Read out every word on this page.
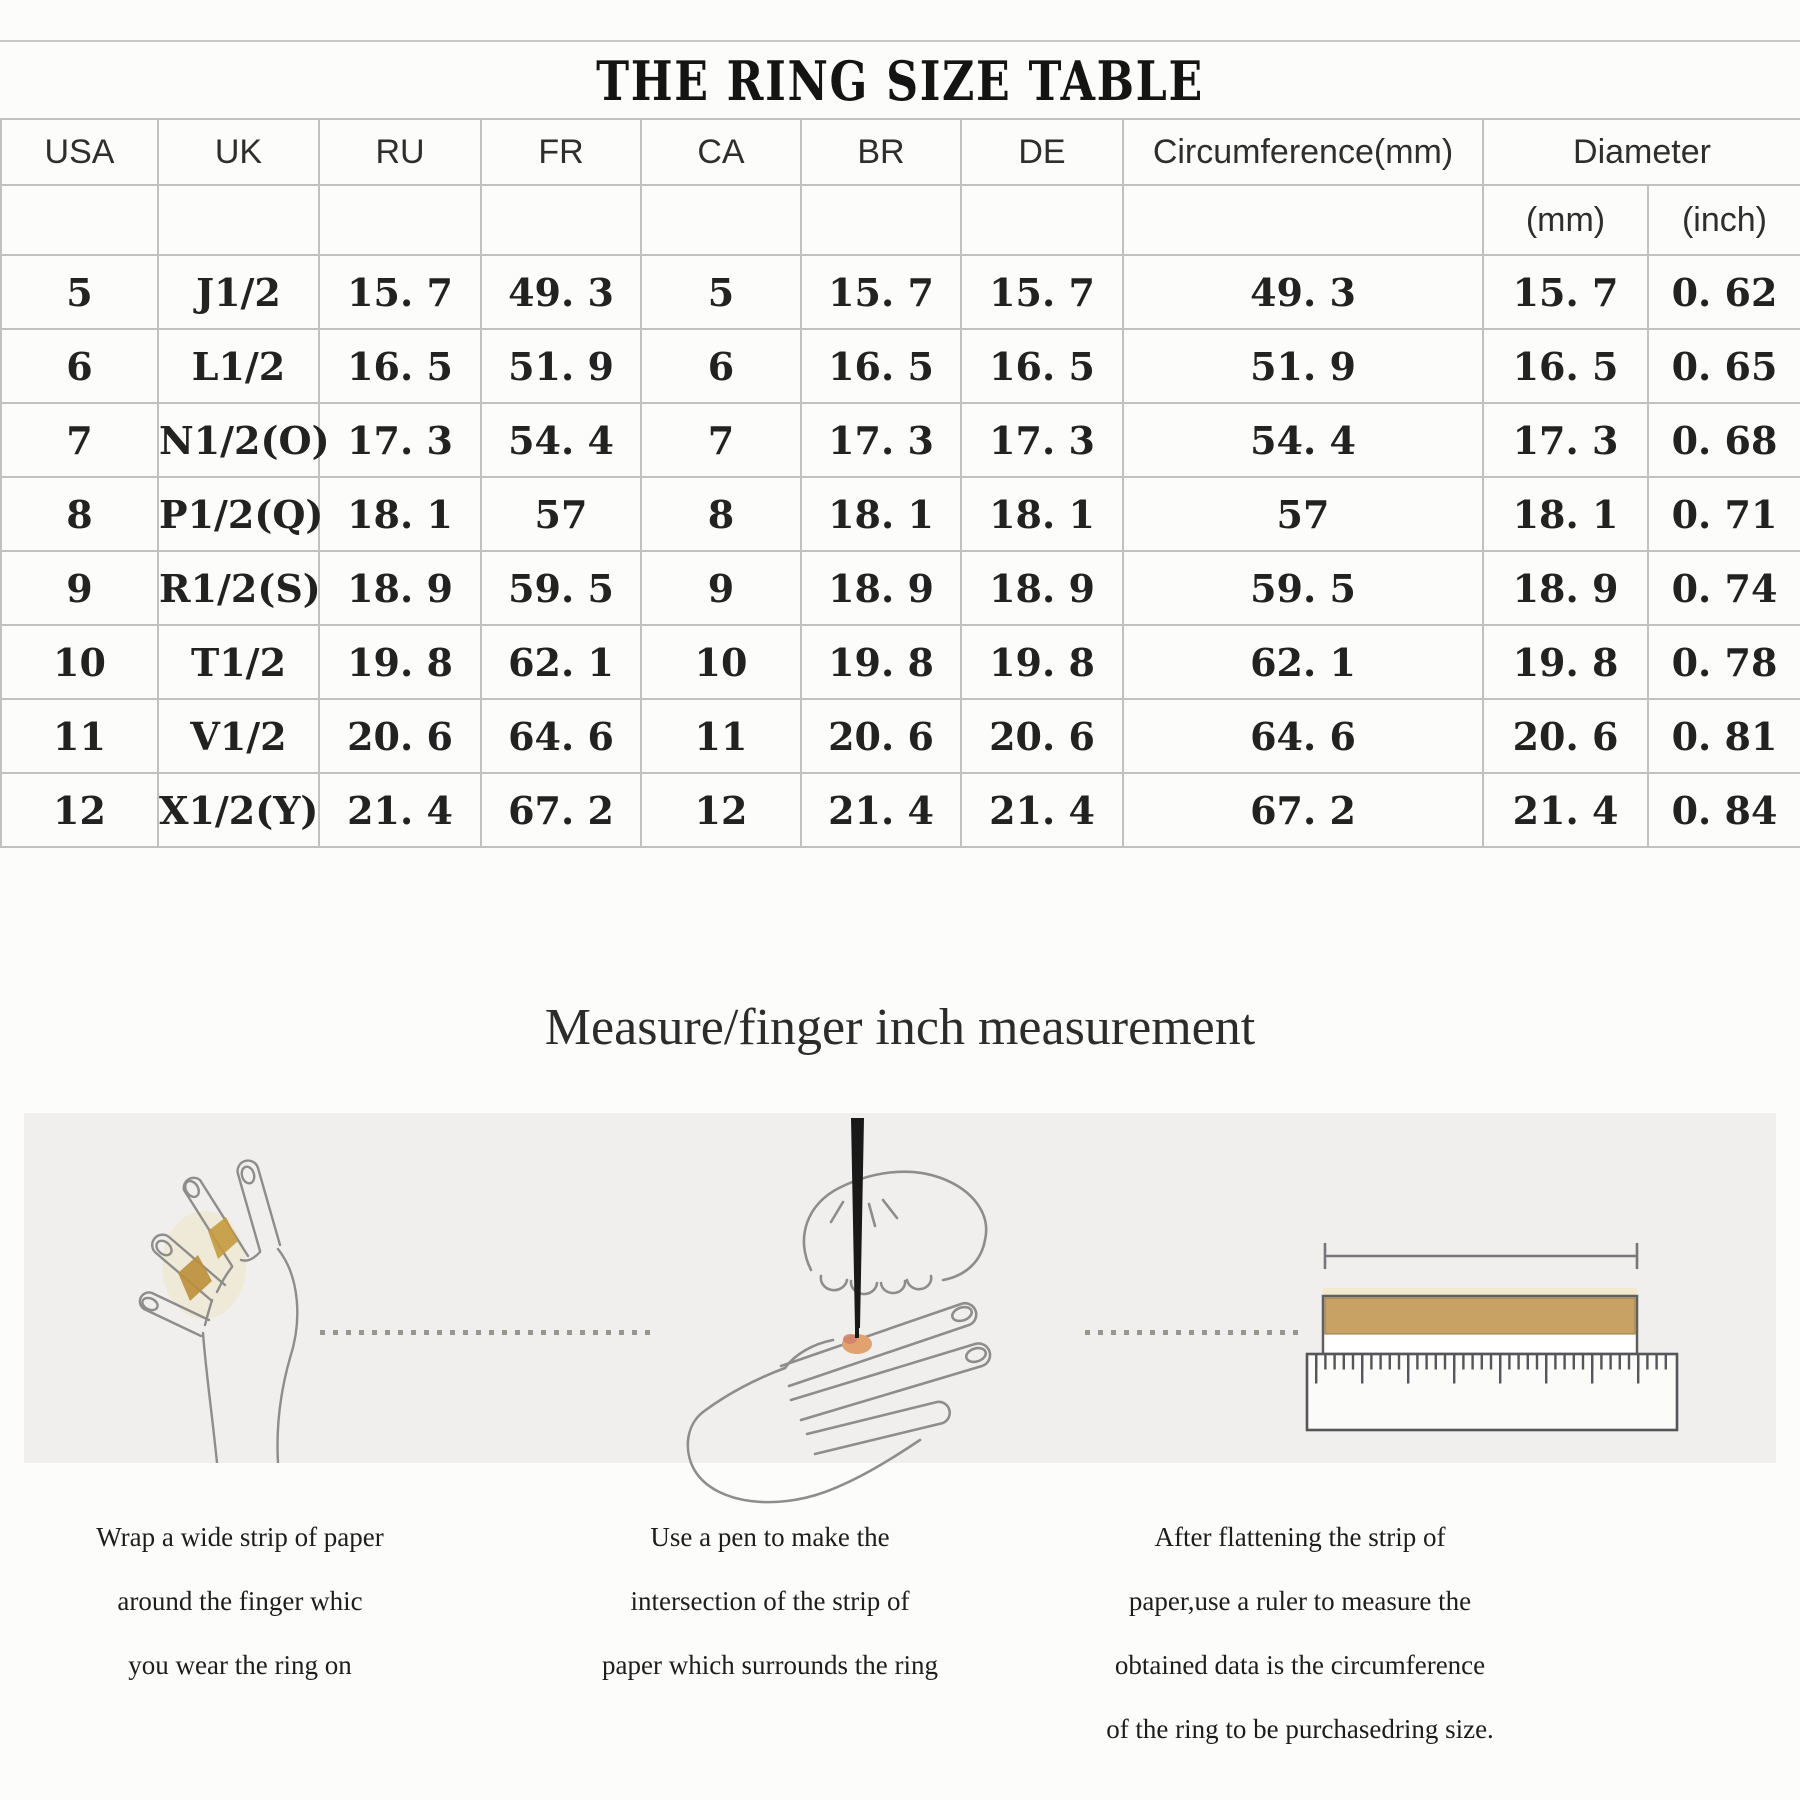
THE RING SIZE TABLE
USA	UK	RU	FR	CA	BR	DE	Circumference(mm)	Diameter	
								(mm)	(inch)
5	J1/2	15. 7	49. 3	5	15. 7	15. 7	49. 3	15. 7	0. 62
6	L1/2	16. 5	51. 9	6	16. 5	16. 5	51. 9	16. 5	0. 65
7	N1/2(O)	17. 3	54. 4	7	17. 3	17. 3	54. 4	17. 3	0. 68
8	P1/2(Q)	18. 1	57	8	18. 1	18. 1	57	18. 1	0. 71
9	R1/2(S)	18. 9	59. 5	9	18. 9	18. 9	59. 5	18. 9	0. 74
10	T1/2	19. 8	62. 1	10	19. 8	19. 8	62. 1	19. 8	0. 78
11	V1/2	20. 6	64. 6	11	20. 6	20. 6	64. 6	20. 6	0. 81
12	X1/2(Y)	21. 4	67. 2	12	21. 4	21. 4	67. 2	21. 4	0. 84
Measure/finger inch measurement
Wrap a wide strip of paper
around the finger whic
you wear the ring on
Use a pen to make the
intersection of the strip of
paper which surrounds the ring
After flattening the strip of
paper,use a ruler to measure the
obtained data is the circumference
of the ring to be purchasedring size.
